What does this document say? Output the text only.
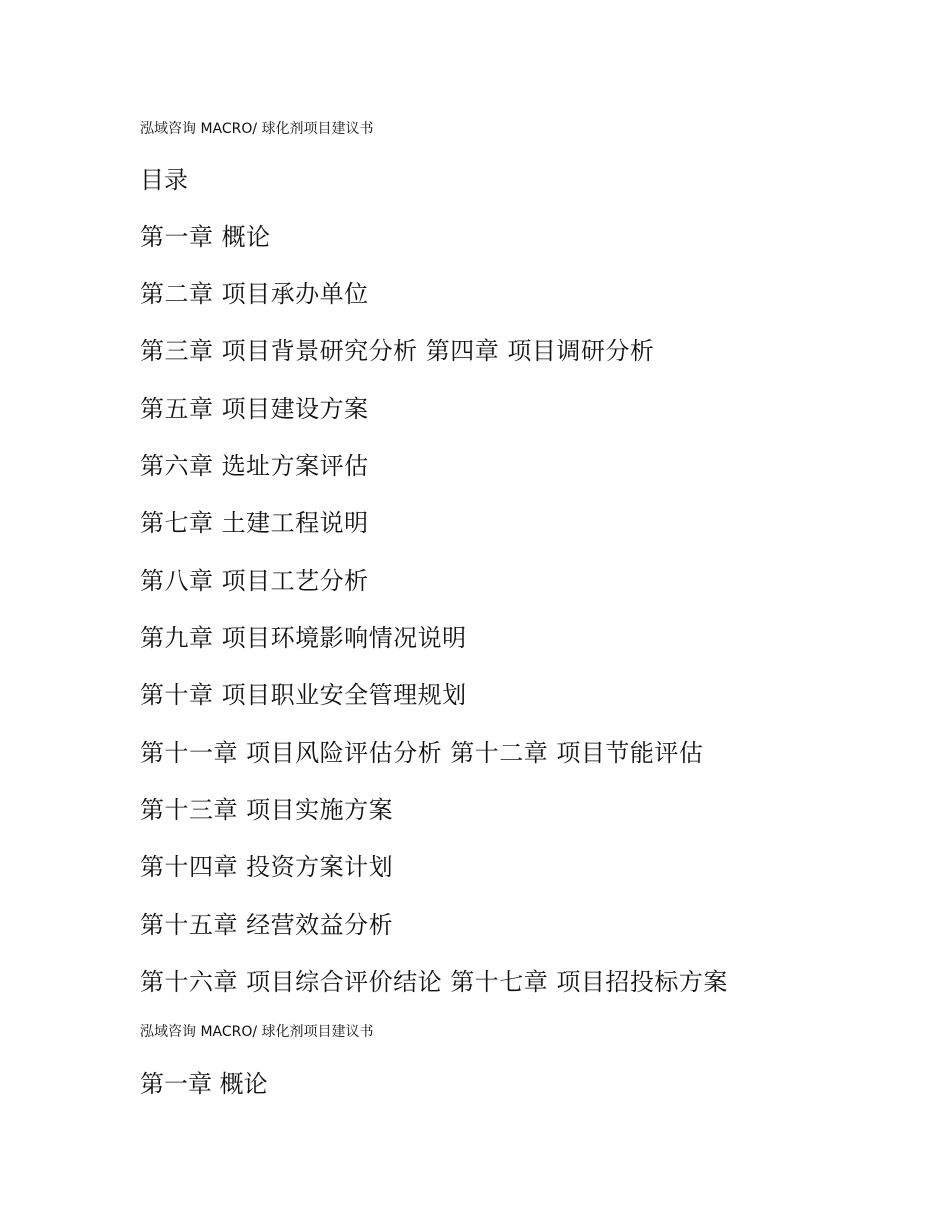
泓域咨询 MACRO/ 球化剂项目建议书
目录
第一章 概论
第二章 项目承办单位
第三章 项目背景研究分析 第四章 项目调研分析
第五章 项目建设方案
第六章 选址方案评估
第七章 土建工程说明
第八章 项目工艺分析
第九章 项目环境影响情况说明
第十章 项目职业安全管理规划
第十一章 项目风险评估分析 第十二章 项目节能评估
第十三章 项目实施方案
第十四章 投资方案计划
第十五章 经营效益分析
第十六章 项目综合评价结论 第十七章 项目招投标方案
泓域咨询 MACRO/ 球化剂项目建议书
第一章 概论
